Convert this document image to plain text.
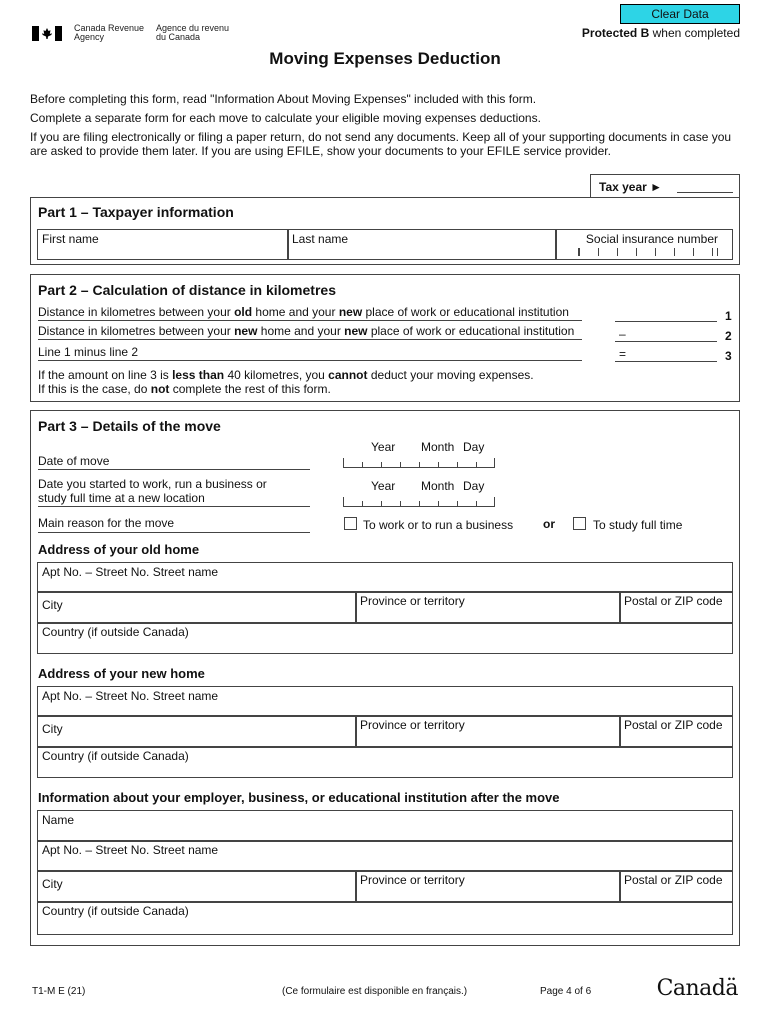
Clear Data
Protected B when completed
Canada Revenue
Agency
Agence du revenu
du Canada
Moving Expenses Deduction
Before completing this form, read "Information About Moving Expenses" included with this form.
Complete a separate form for each move to calculate your eligible moving expenses deductions.
If you are filing electronically or filing a paper return, do not send any documents. Keep all of your supporting documents in case you are asked to provide them later. If you are using EFILE, show your documents to your EFILE service provider.
Tax year ►
Part 1 – Taxpayer information
First name	Last name	Social insurance number
Part 2 – Calculation of distance in kilometres
Distance in kilometres between your old home and your new place of work or educational institution	1
Distance in kilometres between your new home and your new place of work or educational institution	–	2
Line 1 minus line 2	=	3
If the amount on line 3 is less than 40 kilometres, you cannot deduct your moving expenses.
If this is the case, do not complete the rest of this form.
Part 3 – Details of the move
Year Month Day
Date of move
Year Month Day
Date you started to work, run a business or
study full time at a new location
Main reason for the move	To work or to run a business or	To study full time
Address of your old home
Apt No. – Street No. Street name
City	Province or territory	Postal or ZIP code
Country (if outside Canada)
Address of your new home
Apt No. – Street No. Street name
City	Province or territory	Postal or ZIP code
Country (if outside Canada)
Information about your employer, business, or educational institution after the move
Name
Apt No. – Street No. Street name
City	Province or territory	Postal or ZIP code
Country (if outside Canada)
T1-M E (21)	(Ce formulaire est disponible en français.)	Page 4 of 6	Canadä
